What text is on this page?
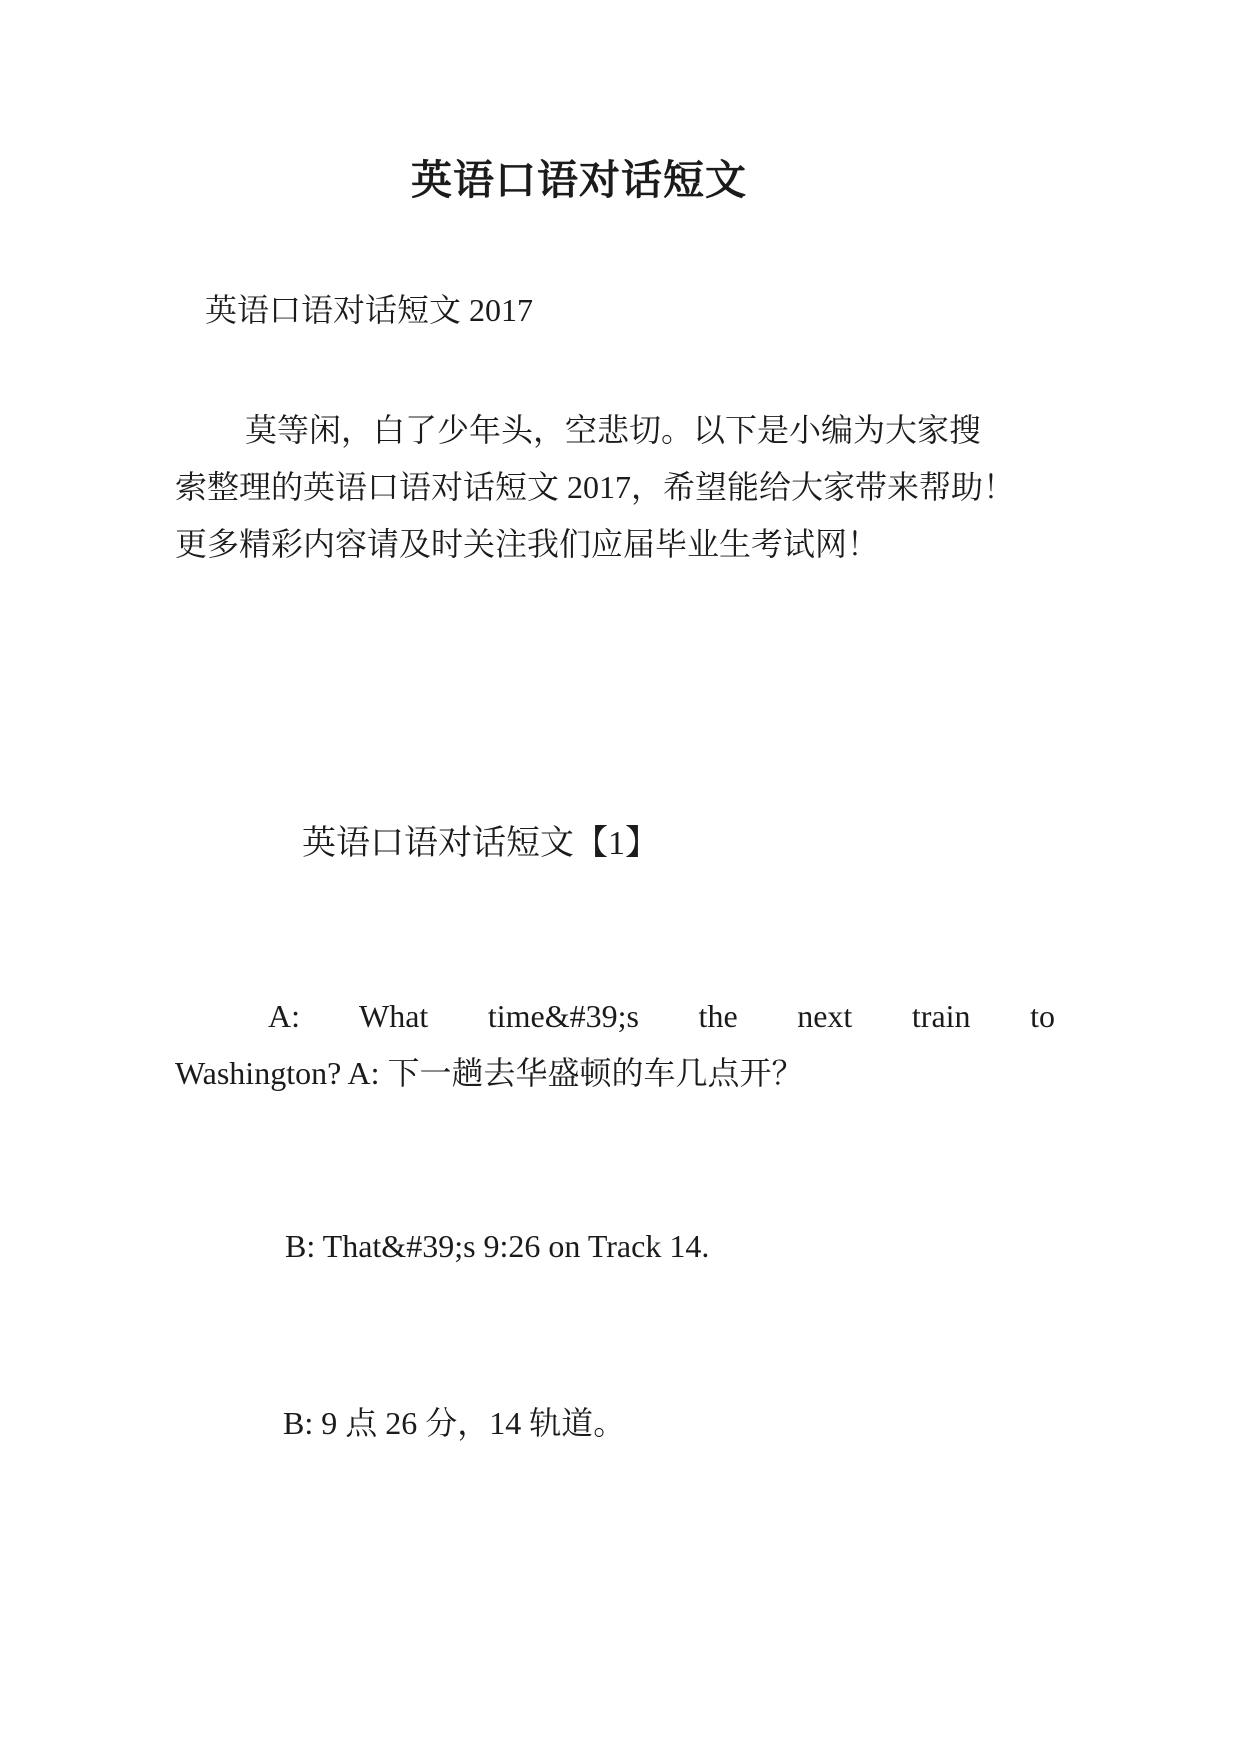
英语口语对话短文

英语口语对话短文 2017

莫等闲，白了少年头，空悲切。以下是小编为大家搜
索整理的英语口语对话短文 2017，希望能给大家带来帮助！
更多精彩内容请及时关注我们应届毕业生考试网！
英语口语对话短文【1】
A: What time&#39;s the next train to
Washington? A: 下一趟去华盛顿的车几点开？
B: That&#39;s 9:26 on Track 14.
B: 9 点 26 分，14 轨道。
